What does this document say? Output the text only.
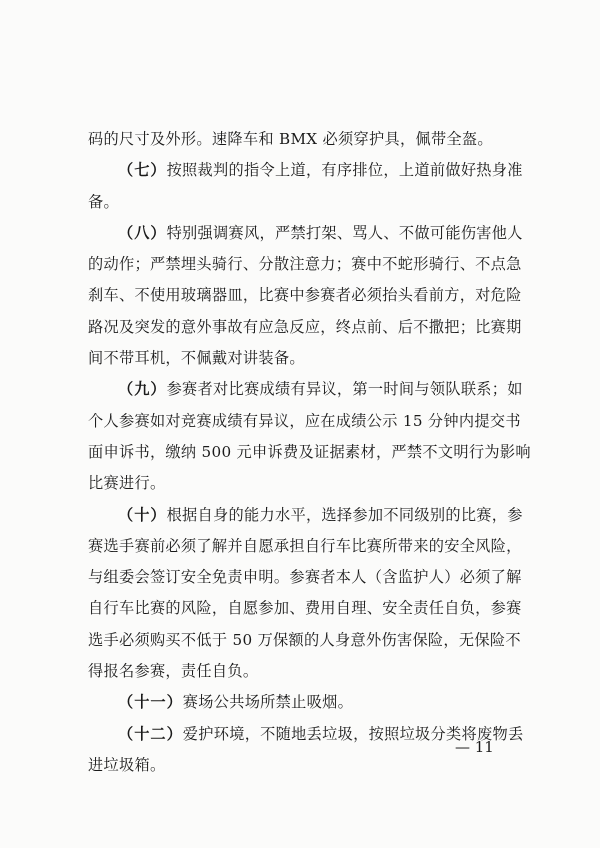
码的尺寸及外形。速降车和 BMX 必须穿护具，佩带全盔。
（七）按照裁判的指令上道，有序排位，上道前做好热身准
备。
（八）特别强调赛风，严禁打架、骂人、不做可能伤害他人
的动作；严禁埋头骑行、分散注意力；赛中不蛇形骑行、不点急
刹车、不使用玻璃器皿，比赛中参赛者必须抬头看前方，对危险
路况及突发的意外事故有应急反应，终点前、后不撒把；比赛期
间不带耳机，不佩戴对讲装备。
（九）参赛者对比赛成绩有异议，第一时间与领队联系；如
个人参赛如对竞赛成绩有异议，应在成绩公示 15 分钟内提交书
面申诉书，缴纳 500 元申诉费及证据素材，严禁不文明行为影响
比赛进行。
（十）根据自身的能力水平，选择参加不同级别的比赛，参
赛选手赛前必须了解并自愿承担自行车比赛所带来的安全风险，
与组委会签订安全免责申明。参赛者本人（含监护人）必须了解
自行车比赛的风险，自愿参加、费用自理、安全责任自负，参赛
选手必须购买不低于 50 万保额的人身意外伤害保险，无保险不
得报名参赛，责任自负。
（十一）赛场公共场所禁止吸烟。
（十二）爱护环境，不随地丢垃圾，按照垃圾分类将废物丢
进垃圾箱。
— 11
